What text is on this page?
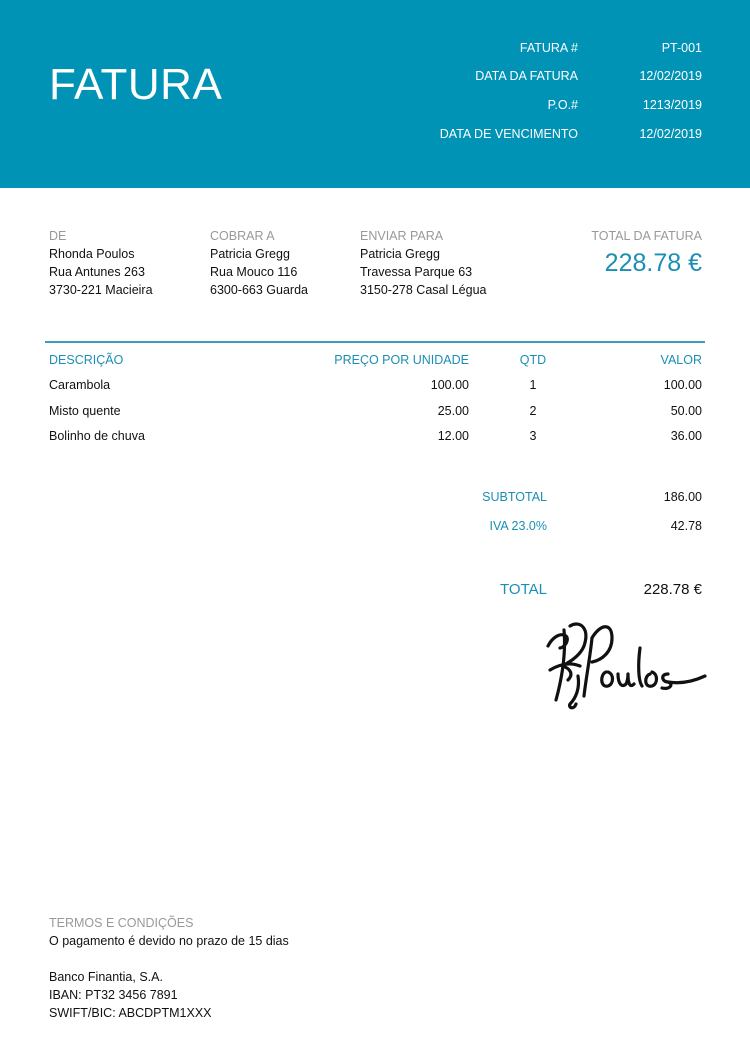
FATURA
FATURA #	PT-001
DATA DA FATURA	12/02/2019
P.O.#	1213/2019
DATA DE VENCIMENTO	12/02/2019
DE
Rhonda Poulos
Rua Antunes 263
3730-221 Macieira
COBRAR A
Patricia Gregg
Rua Mouco 116
6300-663 Guarda
ENVIAR PARA
Patricia Gregg
Travessa Parque 63
3150-278 Casal Légua
TOTAL DA FATURA
228.78 €
DESCRIÇÃO	PREÇO POR UNIDADE	QTD	VALOR
Carambola	100.00	1	100.00
Misto quente	25.00	2	50.00
Bolinho de chuva	12.00	3	36.00
SUBTOTAL	186.00
IVA 23.0%	42.78
TOTAL	228.78 €
TERMOS E CONDIÇÕES
O pagamento é devido no prazo de 15 dias
Banco Finantia, S.A.
IBAN: PT32 3456 7891
SWIFT/BIC: ABCDPTM1XXX
